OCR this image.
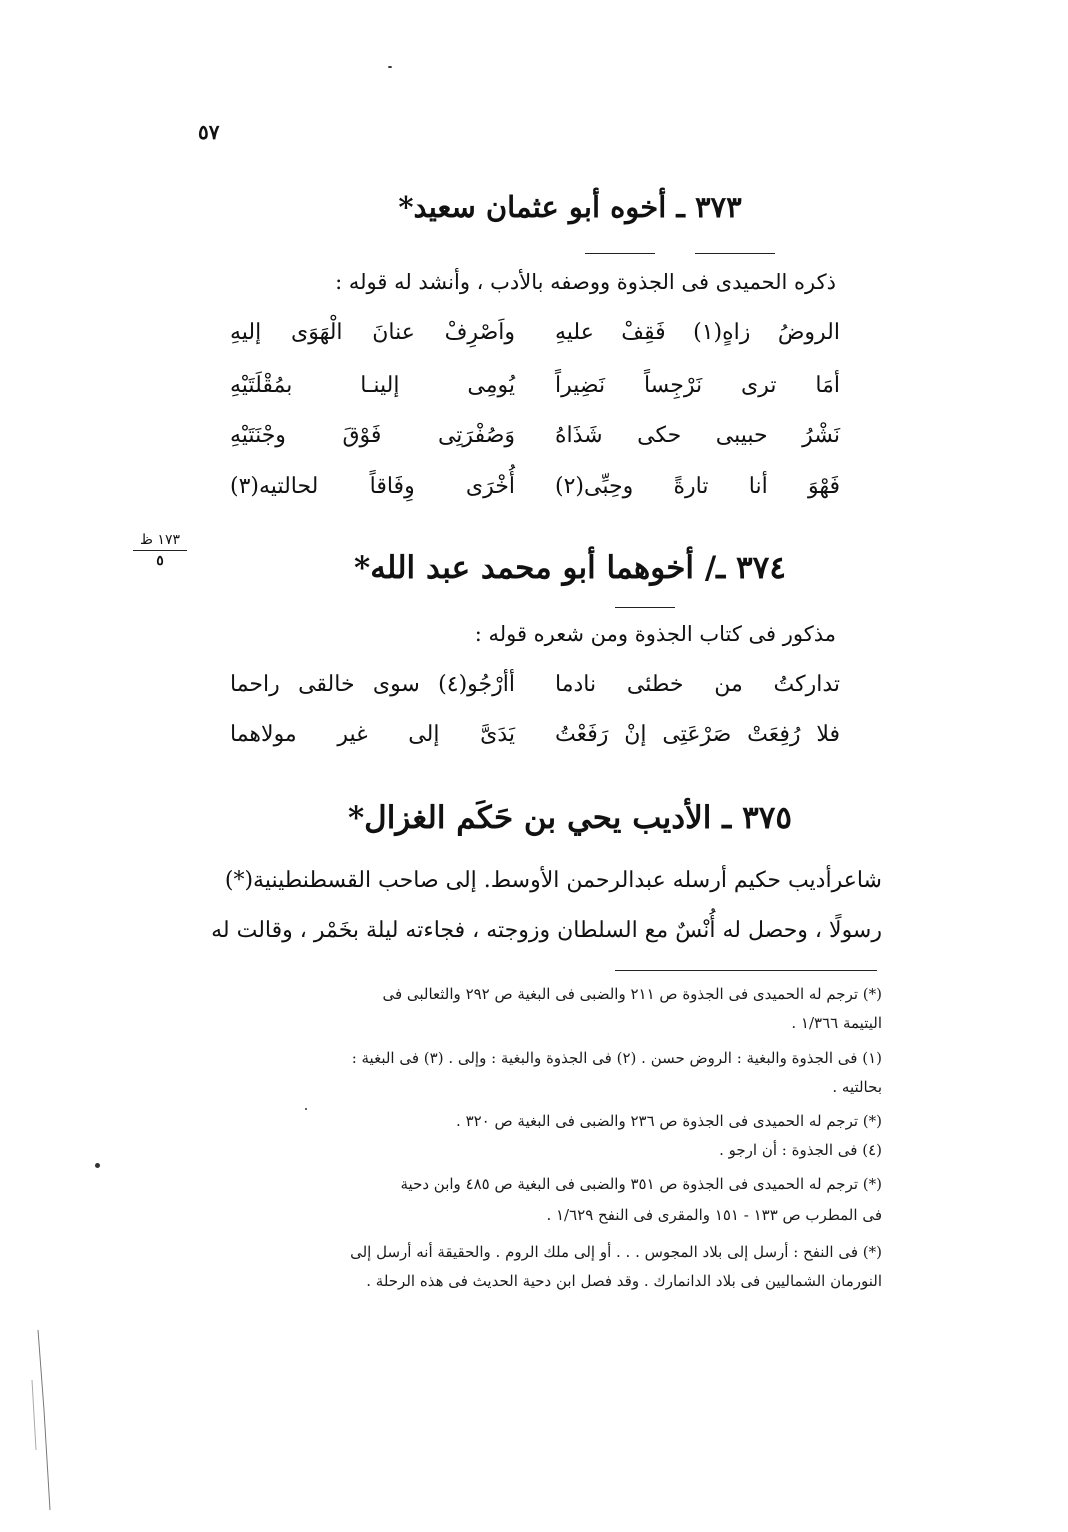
٥٧
٣٧٣ ـ أخوه أبو عثمان سعيد*
ذكره الحميدى فى الجذوة ووصفه بالأدب ، وأنشد له قوله :
الروضُ زاهٍ(١) فَقِفْ عليهِ
واَصْرِفْ عنانَ الْهَوَى إليهِ
أمَا ترى نَرْجِساً نَضِيراً
يُومِى إلينـا بمُقْلَتَيْهِ
نَشْرُ حبيبى حكى شَذَاهُ
وَصُفْرَتِى فَوْقَ وجْنَتَيْهِ
فَهْوَ أنا تارةً وحِبِّى(٢)
أُخْرَى وِفَاقاً لحالتيه(٣)
١٧٣ ظ
٥	٣٧٤ ـ/ أخوهما أبو محمد عبد الله*
مذكور فى كتاب الجذوة ومن شعره قوله :
تداركتُ من خطئى نادما
أأرْجُو(٤) سوى خالقى راحما
فلا رُفِعَتْ صَرْعَتِى إنْ رَفَعْتُ
يَدَىَّ إلى غير مولاهما
٣٧٥ ـ الأديب يحي بن حَكَم الغزال*
شاعرأديب حكيم أرسله عبدالرحمن الأوسط. إلى صاحب القسطنطينية(*)
رسولًا ، وحصل له أُنْسٌ مع السلطان وزوجته ، فجاءته ليلة بخَمْر ، وقالت له
(*) ترجم له الحميدى فى الجذوة ص ٢١١ والضبى فى البغية ص ٢٩٢ والثعالبى فى
اليتيمة ١/٣٦٦ .
(١) فى الجذوة والبغية : الروض حسن . (٢) فى الجذوة والبغية : وإلى . (٣) فى البغية :
بحالتيه .
(*) ترجم له الحميدى فى الجذوة ص ٢٣٦ والضبى فى البغية ص ٣٢٠ .
(٤) فى الجذوة : أن ارجو .
(*) ترجم له الحميدى فى الجذوة ص ٣٥١ والضبى فى البغية ص ٤٨٥ وابن دحية
فى المطرب ص ١٣٣ - ١٥١ والمقرى فى النفح ١/٦٢٩ .
(*) فى النفح : أرسل إلى بلاد المجوس . . . أو إلى ملك الروم . والحقيقة أنه أرسل إلى
النورمان الشماليين فى بلاد الدانمارك . وقد فصل ابن دحية الحديث فى هذه الرحلة .
